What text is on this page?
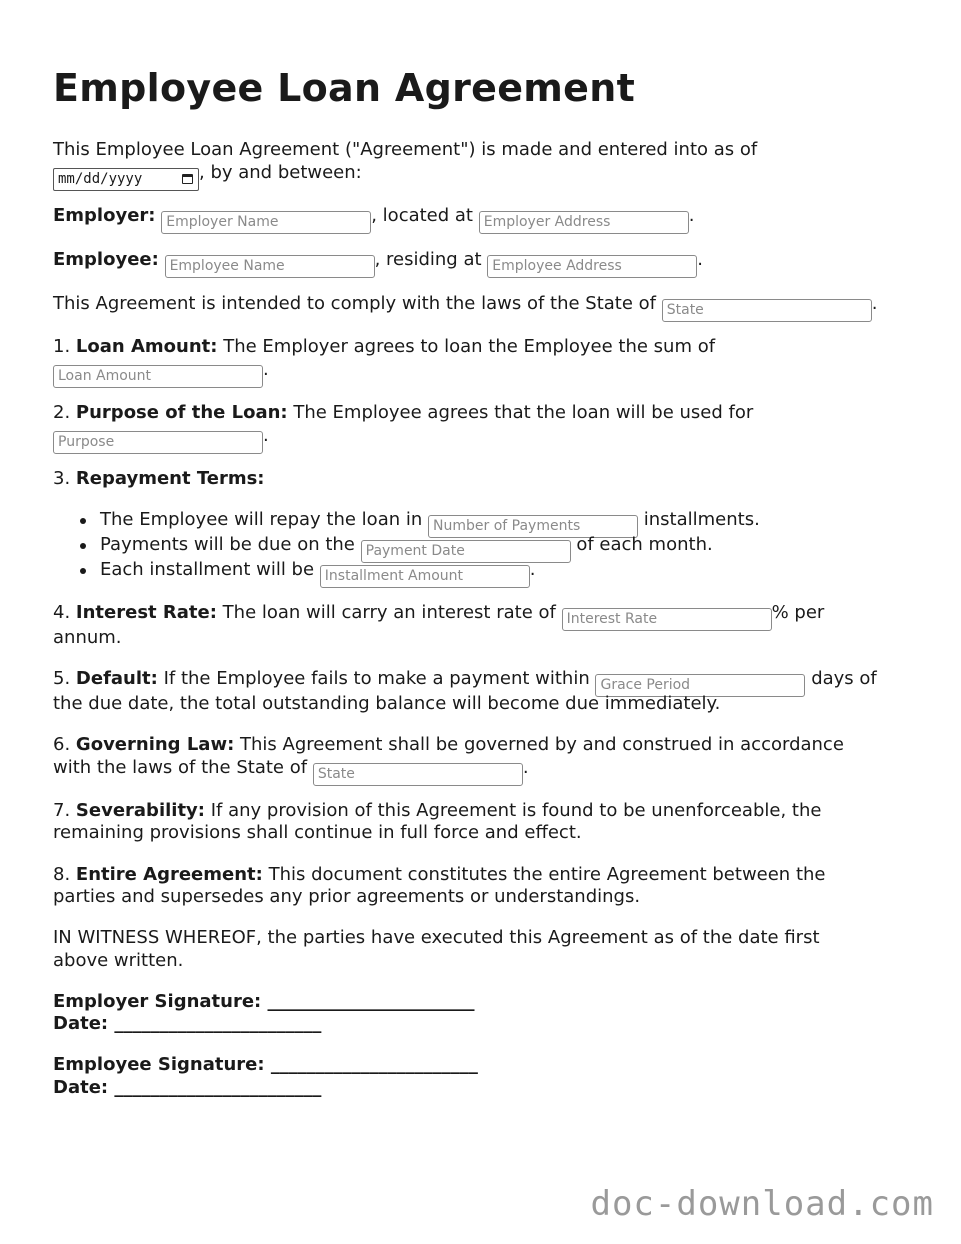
Employee Loan Agreement
This Employee Loan Agreement ("Agreement") is made and entered into as of
mm/dd/yyyy	, by and between:
Employer: Employer Name	, located at Employer Address	.
Employee: Employee Name	, residing at Employee Address	.
This Agreement is intended to comply with the laws of the State of State	.
1. Loan Amount: The Employer agrees to loan the Employee the sum of
Loan Amount.
2. Purpose of the Loan: The Employee agrees that the loan will be used for
Purpose.
3. Repayment Terms:
The Employee will repay the loan in Number of Payments	installments.
Payments will be due on the Payment Date	of each month.
Each installment will be Installment Amount	.
4. Interest Rate: The loan will carry an interest rate of Interest Rate	% per
annum.
5. Default: If the Employee fails to make a payment within Grace Period	days of
the due date, the total outstanding balance will become due immediately.
6. Governing Law: This Agreement shall be governed by and construed in accordance
with the laws of the State of State	.
7. Severability: If any provision of this Agreement is found to be unenforceable, the
remaining provisions shall continue in full force and effect.
8. Entire Agreement: This document constitutes the entire Agreement between the
parties and supersedes any prior agreements or understandings.
IN WITNESS WHEREOF, the parties have executed this Agreement as of the date first
above written.
Employer Signature: _______________________
Date: _______________________
Employee Signature: _______________________
Date: _______________________
doc-download.com
